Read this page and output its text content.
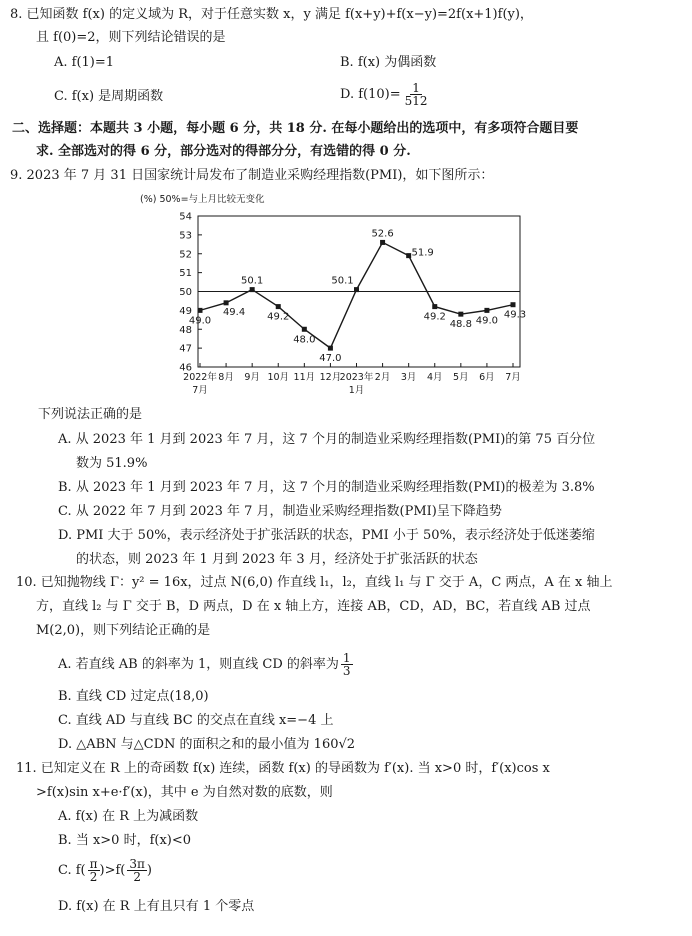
8. 已知函数 f(x) 的定义域为 R，对于任意实数 x，y 满足 f(x+y)+f(x−y)=2f(x+1)f(y)，
且 f(0)=2，则下列结论错误的是
A. f(1)=1	B. f(x) 为偶函数
C. f(x) 是周期函数	D. $f(10)= \frac{1}{512}$
二、选择题：本题共 3 小题，每小题 6 分，共 18 分. 在每小题给出的选项中，有多项符合题目要
求. 全部选对的得 6 分，部分选对的得部分分，有选错的得 0 分.
9. 2023 年 7 月 31 日国家统计局发布了制造业采购经理指数(PMI)，如下图所示：
(%) 50%=与上月比较无变化
46
47
48
49
50
51
52
53
54
2022年 8月 9月 10月 11月 12月
2023年 2月 3月 4月 5月 6月 7月
7月	1月
49.0
49.4
50.1
49.2
48.0
47.0
50.1
52.6
51.9
49.2
48.8 49.0
49.3
下列说法正确的是
A. 从 2023 年 1 月到 2023 年 7 月，这 7 个月的制造业采购经理指数(PMI)的第 75 百分位
数为 51.9%
B. 从 2023 年 1 月到 2023 年 7 月，这 7 个月的制造业采购经理指数(PMI)的极差为 3.8%
C. 从 2022 年 7 月到 2023 年 7 月，制造业采购经理指数(PMI)呈下降趋势
D. PMI 大于 50%，表示经济处于扩张活跃的状态，PMI 小于 50%，表示经济处于低迷萎缩
的状态，则 2023 年 1 月到 2023 年 3 月，经济处于扩张活跃的状态
10. 已知抛物线 Γ：y² = 16x，过点 N(6,0) 作直线 l₁，l₂，直线 l₁ 与 Γ 交于 A，C 两点，A 在 x 轴上
方，直线 l₂ 与 Γ 交于 B，D 两点，D 在 x 轴上方，连接 AB，CD，AD，BC，若直线 AB 过点
M(2,0)，则下列结论正确的是
A. 若直线 AB 的斜率为 1，则直线 CD 的斜率为 $\frac{1}{3}$
B. 直线 CD 过定点(18,0)
C. 直线 AD 与直线 BC 的交点在直线 x=−4 上
D. △ABN 与△CDN 的面积之和的最小值为 160√2
11. 已知定义在 R 上的奇函数 f(x) 连续，函数 f(x) 的导函数为 f′(x). 当 x>0 时，f′(x)cos x
>f(x)sin x+e·f′(x)，其中 e 为自然对数的底数，则
A. f(x) 在 R 上为减函数
B. 当 x>0 时，f(x)<0
C. $f( \frac{\pi}{2} )>f( \frac{3\pi}{2}$ )
D. f(x) 在 R 上有且只有 1 个零点
